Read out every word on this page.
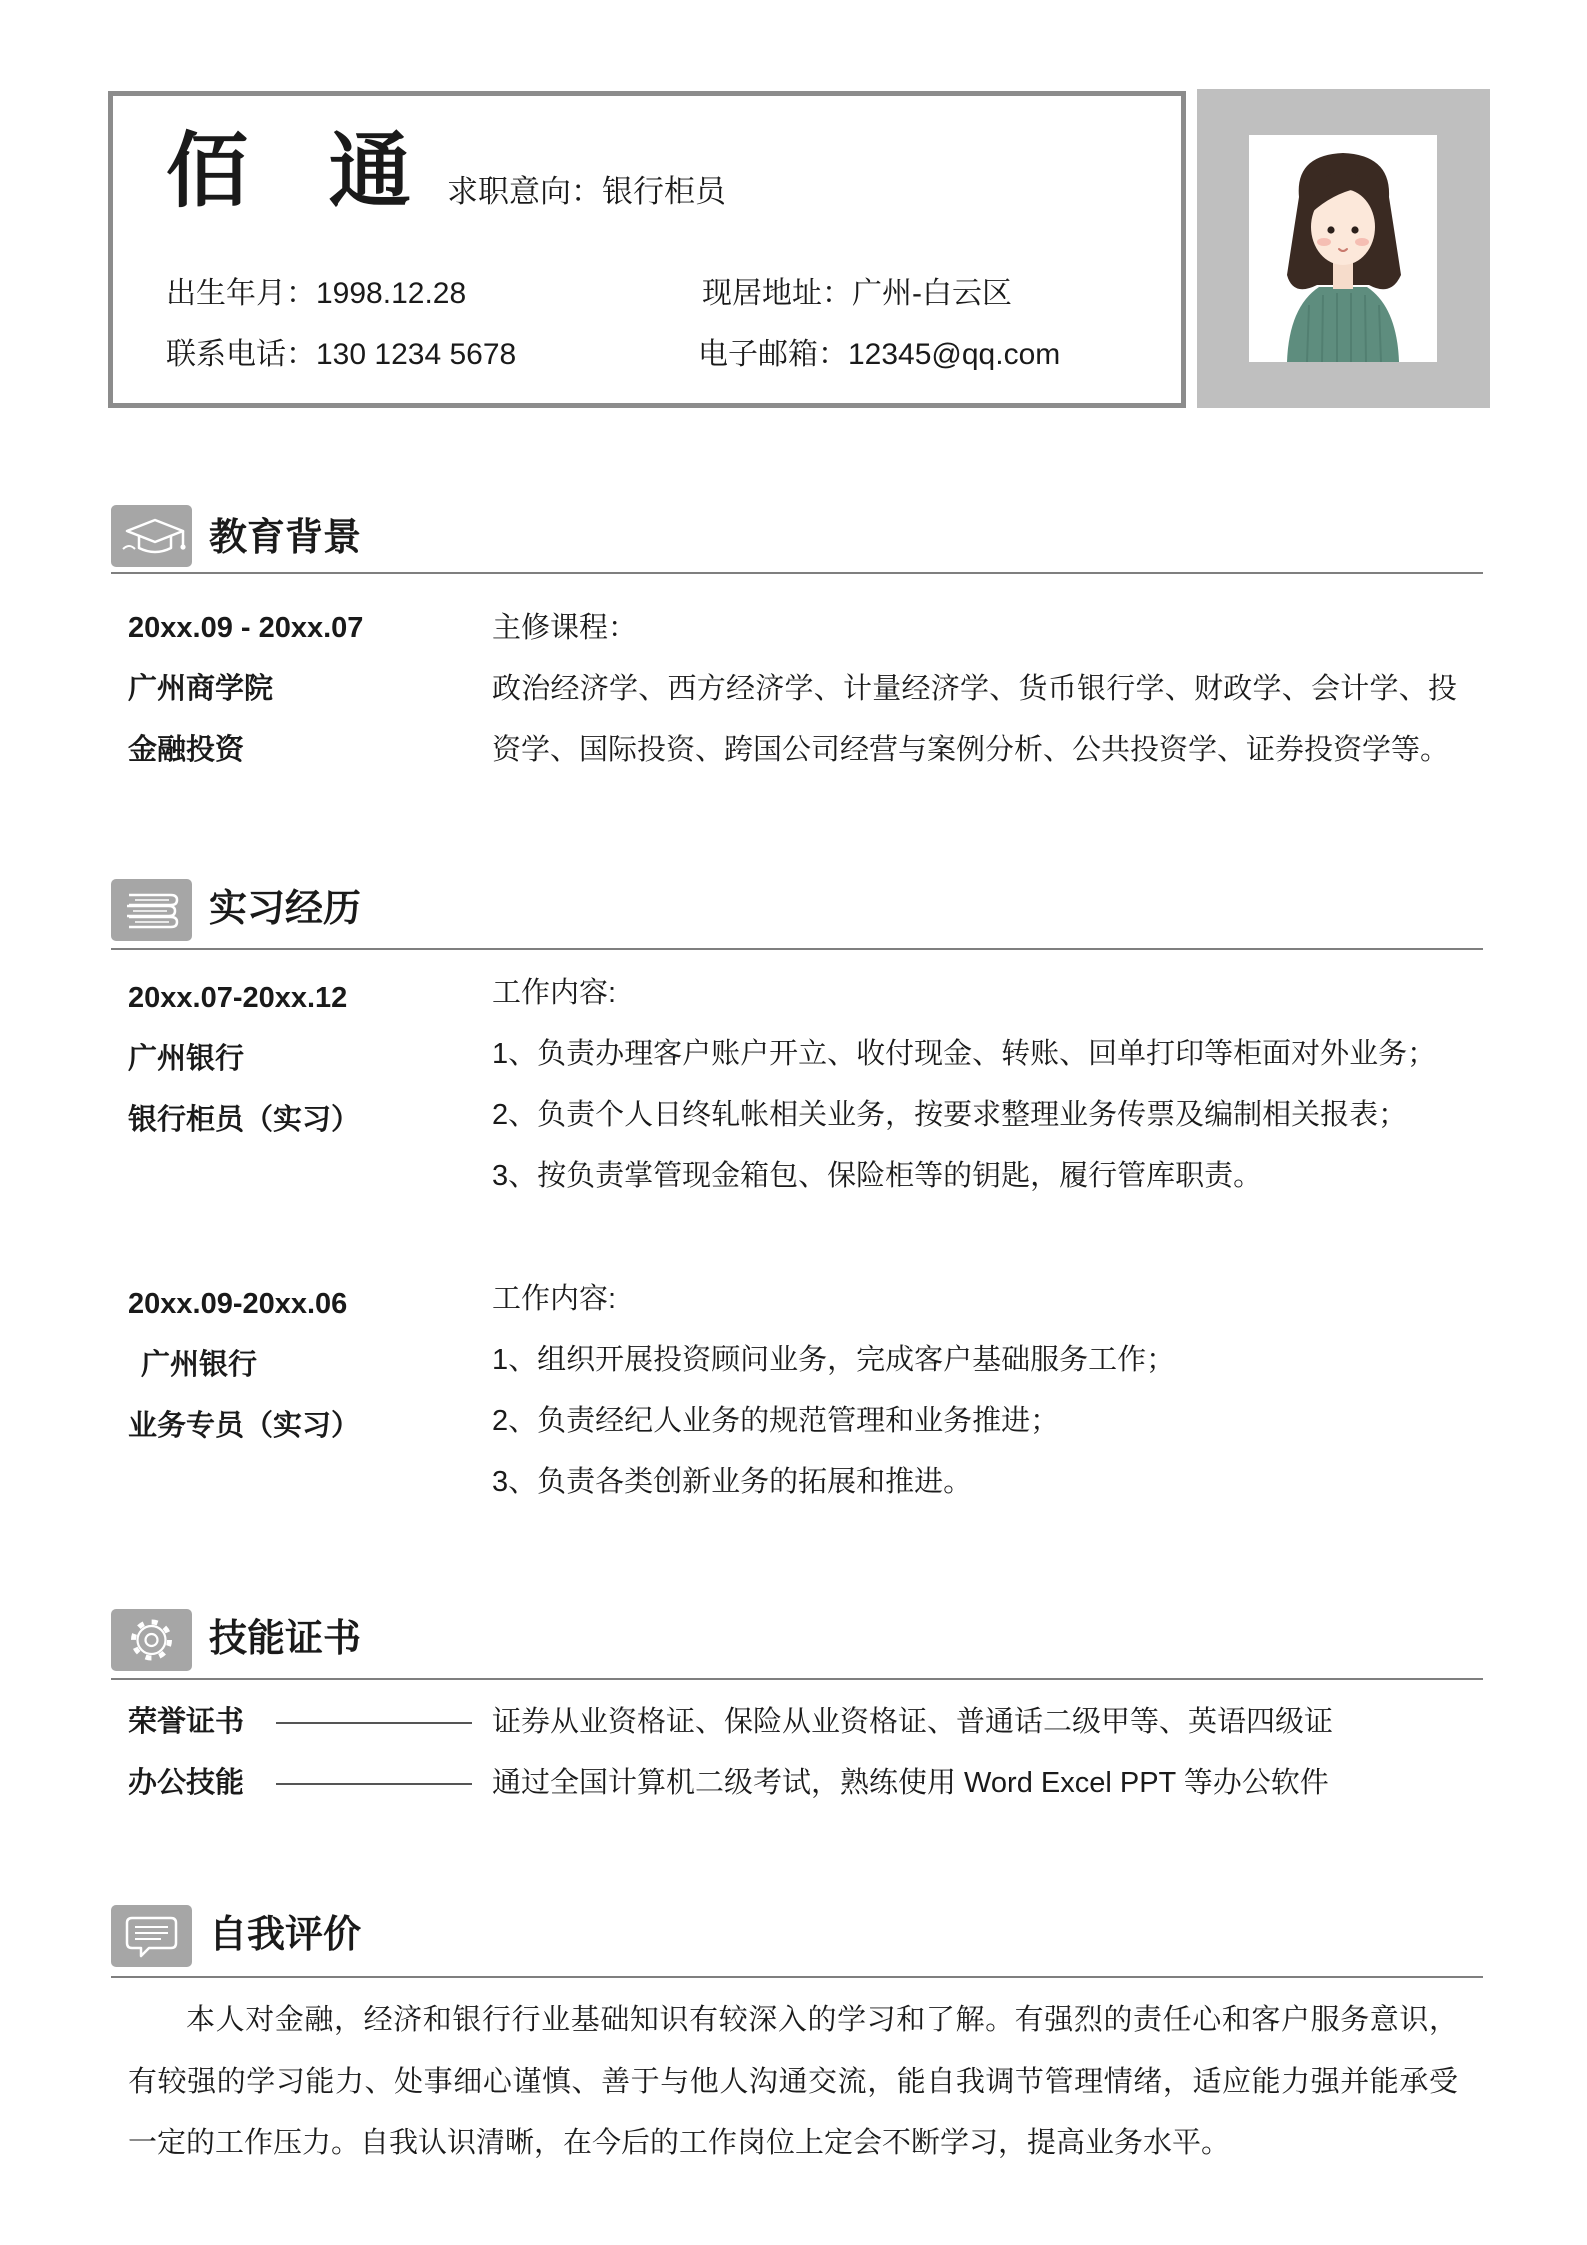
佰 通 求职意向：银行柜员
出生年月：1998.12.28	现居地址：广州-白云区
联系电话：130 1234 5678	电子邮箱：12345@qq.com
教育背景
20xx.09 - 20xx.07
广州商学院
金融投资
主修课程：
政治经济学、西方经济学、计量经济学、货币银行学、财政学、会计学、投资学、国际投资、跨国公司经营与案例分析、公共投资学、证券投资学等。
实习经历
20xx.07-20xx.12
广州银行
银行柜员（实习）
工作内容:
1、负责办理客户账户开立、收付现金、转账、回单打印等柜面对外业务；
2、负责个人日终轧帐相关业务，按要求整理业务传票及编制相关报表；
3、按负责掌管现金箱包、保险柜等的钥匙，履行管库职责。
20xx.09-20xx.06
广州银行
业务专员（实习）
工作内容:
1、组织开展投资顾问业务，完成客户基础服务工作；
2、负责经纪人业务的规范管理和业务推进；
3、负责各类创新业务的拓展和推进。
技能证书
荣誉证书	证券从业资格证、保险从业资格证、普通话二级甲等、英语四级证
办公技能	通过全国计算机二级考试，熟练使用 Word Excel PPT 等办公软件
自我评价
本人对金融，经济和银行行业基础知识有较深入的学习和了解。有强烈的责任心和客户服务意识，有较强的学习能力、处事细心谨慎、善于与他人沟通交流，能自我调节管理情绪，适应能力强并能承受一定的工作压力。自我认识清晰，在今后的工作岗位上定会不断学习，提高业务水平。
